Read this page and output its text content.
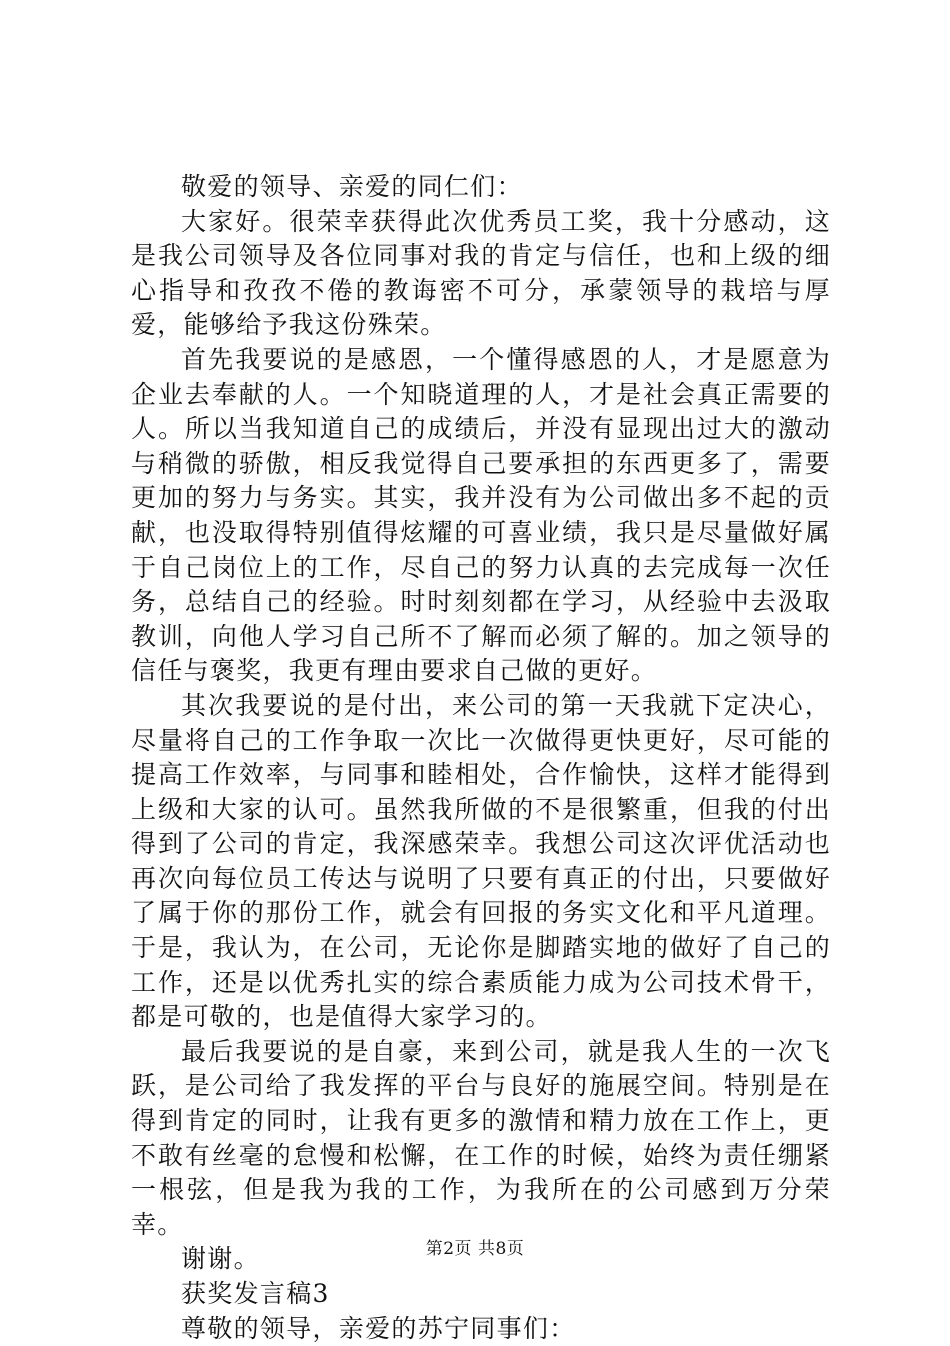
敬爱的领导、亲爱的同仁们：

大家好。很荣幸获得此次优秀员工奖，我十分感动，这是我公司领导及各位同事对我的肯定与信任，也和上级的细心指导和孜孜不倦的教诲密不可分，承蒙领导的栽培与厚爱，能够给予我这份殊荣。

首先我要说的是感恩，一个懂得感恩的人，才是愿意为企业去奉献的人。一个知晓道理的人，才是社会真正需要的人。所以当我知道自己的成绩后，并没有显现出过大的激动与稍微的骄傲，相反我觉得自己要承担的东西更多了，需要更加的努力与务实。其实，我并没有为公司做出多不起的贡献，也没取得特别值得炫耀的可喜业绩，我只是尽量做好属于自己岗位上的工作，尽自己的努力认真的去完成每一次任务，总结自己的经验。时时刻刻都在学习，从经验中去汲取教训，向他人学习自己所不了解而必须了解的。加之领导的信任与褒奖，我更有理由要求自己做的更好。

其次我要说的是付出，来公司的第一天我就下定决心，尽量将自己的工作争取一次比一次做得更快更好，尽可能的提高工作效率，与同事和睦相处，合作愉快，这样才能得到上级和大家的认可。虽然我所做的不是很繁重，但我的付出得到了公司的肯定，我深感荣幸。我想公司这次评优活动也再次向每位员工传达与说明了只要有真正的付出，只要做好了属于你的那份工作，就会有回报的务实文化和平凡道理。于是，我认为，在公司，无论你是脚踏实地的做好了自己的工作，还是以优秀扎实的综合素质能力成为公司技术骨干，都是可敬的，也是值得大家学习的。

最后我要说的是自豪，来到公司，就是我人生的一次飞跃，是公司给了我发挥的平台与良好的施展空间。特别是在得到肯定的同时，让我有更多的激情和精力放在工作上，更不敢有丝毫的怠慢和松懈，在工作的时候，始终为责任绷紧一根弦，但是我为我的工作，为我所在的公司感到万分荣幸。

谢谢。

获奖发言稿3

尊敬的领导，亲爱的苏宁同事们：

第2页 共8页
